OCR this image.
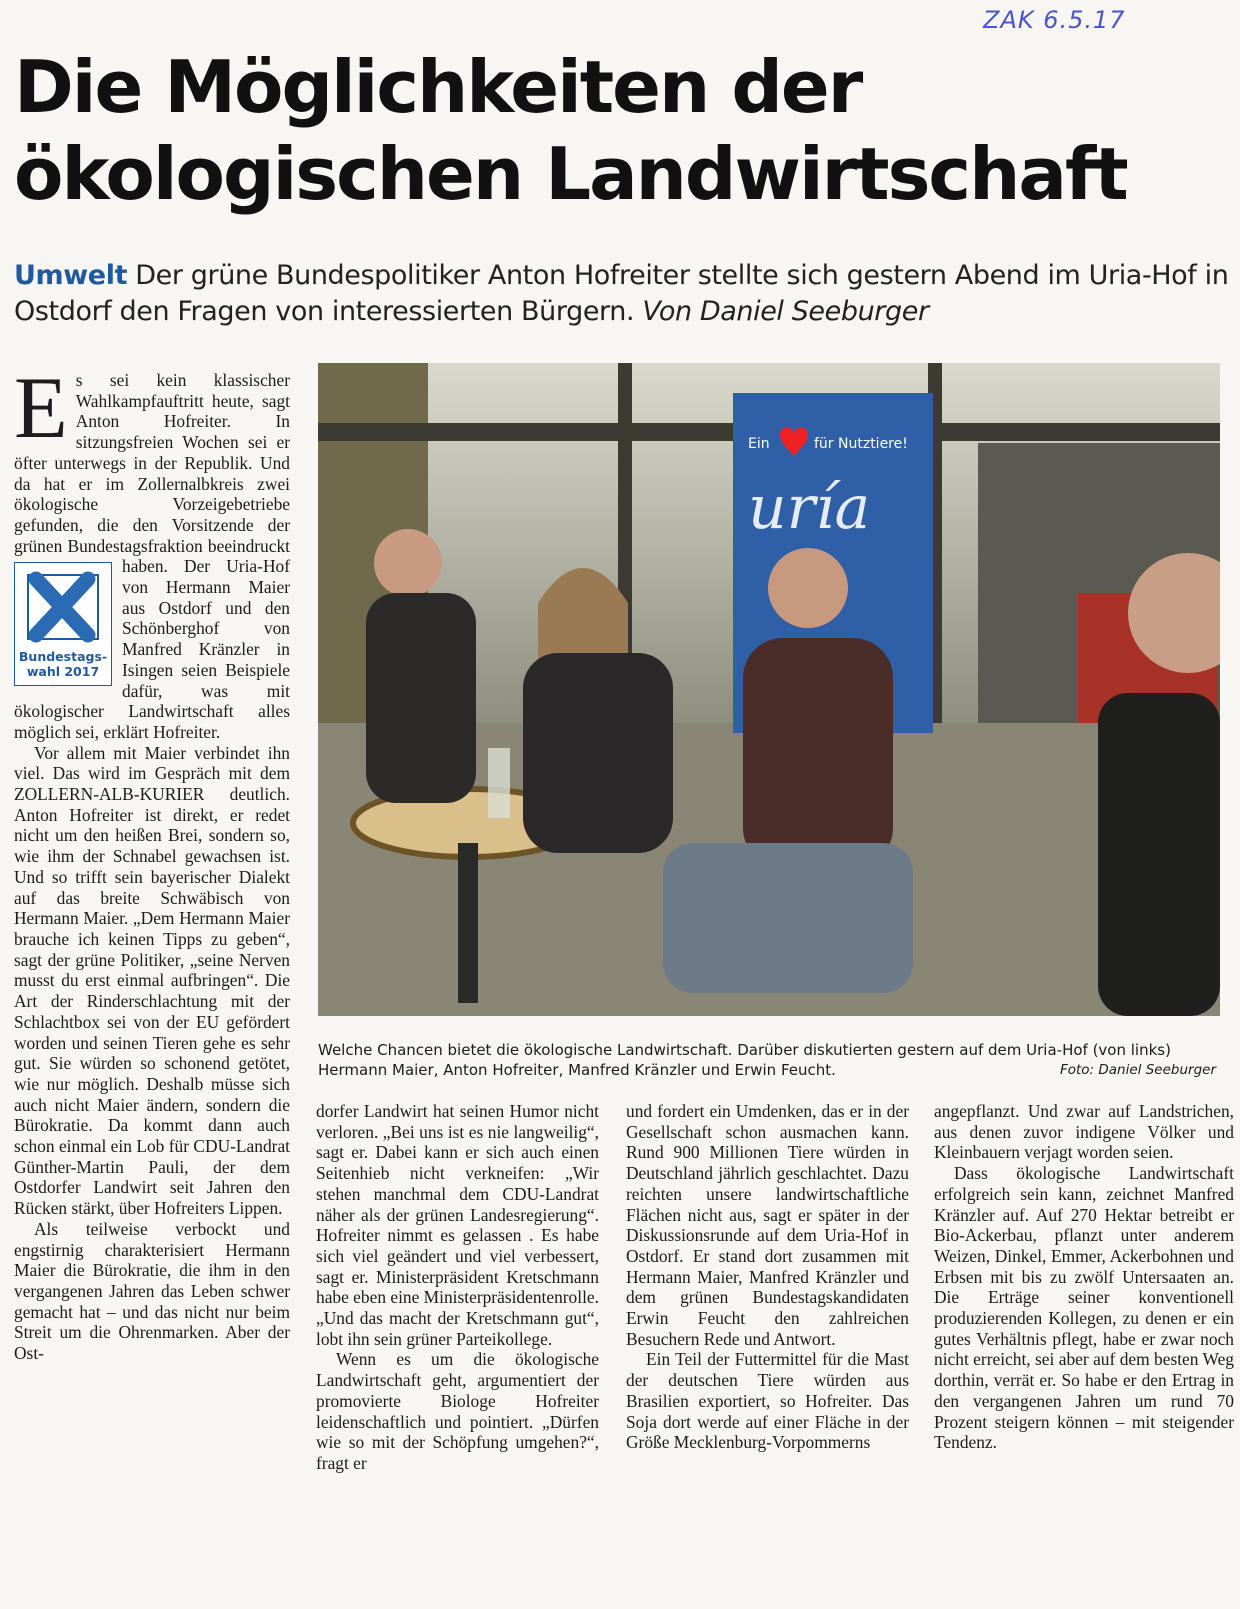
ZAK 6.5.17
Die Möglichkeiten der
ökologischen Landwirtschaft

Umwelt Der grüne Bundespolitiker Anton Hofreiter stellte sich gestern Abend im Uria-Hof in Ostdorf den Fragen von interessierten Bürgern. Von Daniel Seeburger

Es sei kein klassischer Wahlkampfauftritt heute, sagt Anton Hofreiter. In sitzungsfreien Wochen sei er öfter unterwegs in der Republik. Und da hat er im Zollernalbkreis zwei ökologische Vorzeigebetriebe gefunden, die den Vorsitzende der grünen Bundestagsfraktion beeindruckt haben.
Bundestags-
wahl 2017
Der Uria-Hof von Hermann Maier aus Ostdorf und den Schönberghof von Manfred Kränzler in Isingen seien Beispiele dafür, was mit ökologischer Landwirtschaft alles möglich sei, erklärt Hofreiter.

Vor allem mit Maier verbindet ihn viel. Das wird im Gespräch mit dem ZOLLERN-ALB-KURIER deutlich. Anton Hofreiter ist direkt, er redet nicht um den heißen Brei, sondern so, wie ihm der Schnabel gewachsen ist. Und so trifft sein bayerischer Dialekt auf das breite Schwäbisch von Hermann Maier. „Dem Hermann Maier brauche ich keinen Tipps zu geben“, sagt der grüne Politiker, „seine Nerven musst du erst einmal aufbringen“. Die Art der Rinderschlachtung mit der Schlachtbox sei von der EU gefördert worden und seinen Tieren gehe es sehr gut. Sie würden so schonend getötet, wie nur möglich. Deshalb müsse sich auch nicht Maier ändern, sondern die Bürokratie. Da kommt dann auch schon einmal ein Lob für CDU-Landrat Günther-Martin Pauli, der dem Ostdorfer Landwirt seit Jahren den Rücken stärkt, über Hofreiters Lippen.

Als teilweise verbockt und engstirnig charakterisiert Hermann Maier die Bürokratie, die ihm in den vergangenen Jahren das Leben schwer gemacht hat – und das nicht nur beim Streit um die Ohrenmarken. Aber der Ost-

Ein	für Nutztiere!
uría
Welche Chancen bietet die ökologische Landwirtschaft. Darüber diskutierten gestern auf dem Uria-Hof (von links) Hermann Maier, Anton Hofreiter, Manfred Kränzler und Erwin Feucht.	Foto: Daniel Seeburger

dorfer Landwirt hat seinen Humor nicht verloren. „Bei uns ist es nie langweilig“, sagt er. Dabei kann er sich auch einen Seitenhieb nicht verkneifen: „Wir stehen manchmal dem CDU-Landrat näher als der grünen Landesregierung“. Hofreiter nimmt es gelassen . Es habe sich viel geändert und viel verbessert, sagt er. Ministerpräsident Kretschmann habe eben eine Ministerpräsidentenrolle. „Und das macht der Kretschmann gut“, lobt ihn sein grüner Parteikollege.

Wenn es um die ökologische Landwirtschaft geht, argumentiert der promovierte Biologe Hofreiter leidenschaftlich und pointiert. „Dürfen wie so mit der Schöpfung umgehen?“, fragt er

und fordert ein Umdenken, das er in der Gesellschaft schon ausmachen kann. Rund 900 Millionen Tiere würden in Deutschland jährlich geschlachtet. Dazu reichten unsere landwirtschaftliche Flächen nicht aus, sagt er später in der Diskussionsrunde auf dem Uria-Hof in Ostdorf. Er stand dort zusammen mit Hermann Maier, Manfred Kränzler und dem grünen Bundestagskandidaten Erwin Feucht den zahlreichen Besuchern Rede und Antwort.

Ein Teil der Futtermittel für die Mast der deutschen Tiere würden aus Brasilien exportiert, so Hofreiter. Das Soja dort werde auf einer Fläche in der Größe Mecklenburg-Vorpommerns

angepflanzt. Und zwar auf Landstrichen, aus denen zuvor indigene Völker und Kleinbauern verjagt worden seien.

Dass ökologische Landwirtschaft erfolgreich sein kann, zeichnet Manfred Kränzler auf. Auf 270 Hektar betreibt er Bio-Ackerbau, pflanzt unter anderem Weizen, Dinkel, Emmer, Ackerbohnen und Erbsen mit bis zu zwölf Untersaaten an. Die Erträge seiner konventionell produzierenden Kollegen, zu denen er ein gutes Verhältnis pflegt, habe er zwar noch nicht erreicht, sei aber auf dem besten Weg dorthin, verrät er. So habe er den Ertrag in den vergangenen Jahren um rund 70 Prozent steigern können – mit steigender Tendenz.
